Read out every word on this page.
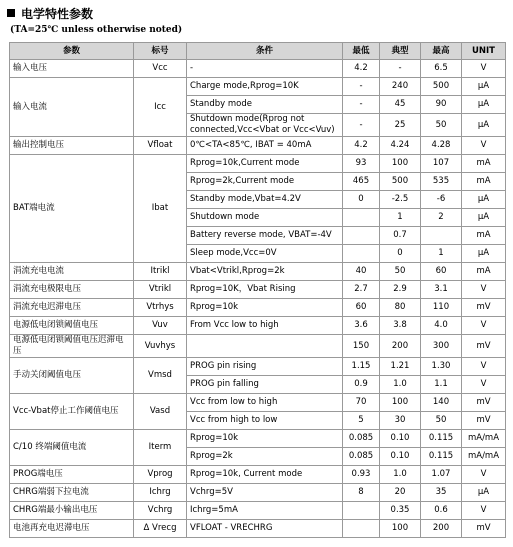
电学特性参数
(TA=25℃ unless otherwise noted)
参数	标号	条件	最低	典型	最高	UNIT
输入电压	Vcc	-	4.2	-	6.5	V
输入电流	Icc	Charge mode,Rprog=10K	-	240	500	µA
		Standby mode	-	45	90	µA
		Shutdown mode(Rprog not connected,Vcc<Vbat or Vcc<Vuv)	-	25	50	µA
输出控制电压	Vfloat	0℃<TA<85℃, IBAT = 40mA	4.2	4.24	4.28	V
BAT端电流	Ibat	Rprog=10k,Current mode	93	100	107	mA
		Rprog=2k,Current mode	465	500	535	mA
		Standby mode,Vbat=4.2V	0	-2.5	-6	µA
		Shutdown mode		1	2	µA
		Battery reverse mode, VBAT=-4V		0.7		mA
		Sleep mode,Vcc=0V		0	1	µA
涓流充电电流	Itrikl	Vbat<Vtrikl,Rprog=2k	40	50	60	mA
涓流充电极限电压	Vtrikl	Rprog=10K，Vbat Rising	2.7	2.9	3.1	V
涓流充电迟滞电压	Vtrhys	Rprog=10k	60	80	110	mV
电源低电闭锁阈值电压	Vuv	From Vcc low to high	3.6	3.8	4.0	V
电源低电闭锁阈值电压迟滞电压	Vuvhys		150	200	300	mV
手动关闭阈值电压	Vmsd	PROG pin rising	1.15	1.21	1.30	V
		PROG pin falling	0.9	1.0	1.1	V
Vcc-Vbat停止工作阈值电压	Vasd	Vcc from low to high	70	100	140	mV
		Vcc from high to low	5	30	50	mV
C/10 终端阈值电流	Iterm	Rprog=10k	0.085	0.10	0.115	mA/mA
		Rprog=2k	0.085	0.10	0.115	mA/mA
PROG端电压	Vprog	Rprog=10k, Current mode	0.93	1.0	1.07	V
CHRG端弱下拉电流	Ichrg	Vchrg=5V	8	20	35	µA
CHRG端最小输出电压	Vchrg	Ichrg=5mA		0.35	0.6	V
电池再充电迟滞电压	Δ Vrecg	VFLOAT - VRECHRG		100	200	mV
